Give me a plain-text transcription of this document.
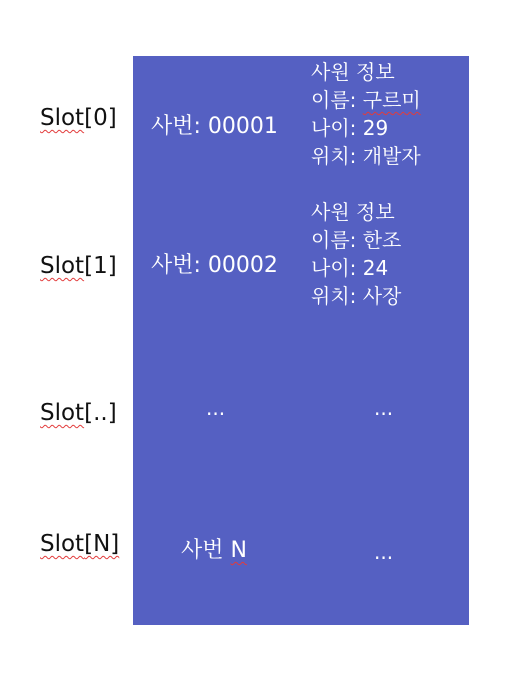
Slot[0]
Slot[1]
Slot[..]
Slot[N]
사번: 00001
사원 정보
이름: 구르미
나이: 29
위치: 개발자
사번: 00002
사원 정보
이름: 한조
나이: 24
위치: 사장
...	...
사번 N	...
